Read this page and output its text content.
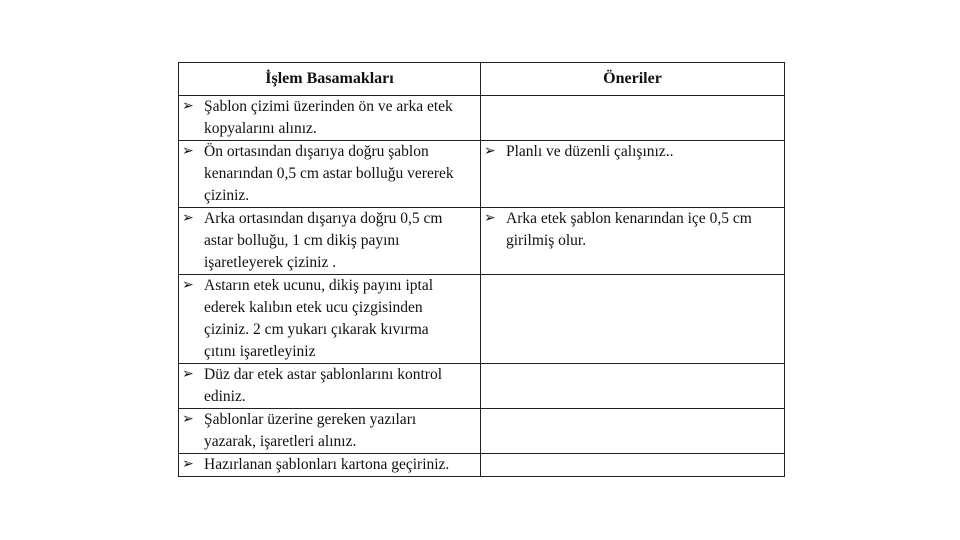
İşlem Basamakları	Öneriler

➢ Şablon çizimi üzerinden ön ve arka etek
kopyalarını alınız.	

➢ Ön ortasından dışarıya doğru şablon
kenarından 0,5 cm astar bolluğu vererek
çiziniz.	➢ Planlı ve düzenli çalışınız..

➢ Arka ortasından dışarıya doğru 0,5 cm
astar bolluğu, 1 cm dikiş payını
işaretleyerek çiziniz .	➢ Arka etek şablon kenarından içe 0,5 cm
girilmiş olur.

➢ Astarın etek ucunu, dikiş payını iptal
ederek kalıbın etek ucu çizgisinden
çiziniz. 2 cm yukarı çıkarak kıvırma
çıtını işaretleyiniz	

➢ Düz dar etek astar şablonlarını kontrol
ediniz.	

➢ Şablonlar üzerine gereken yazıları
yazarak, işaretleri alınız.	

➢ Hazırlanan şablonları kartona geçiriniz.	
